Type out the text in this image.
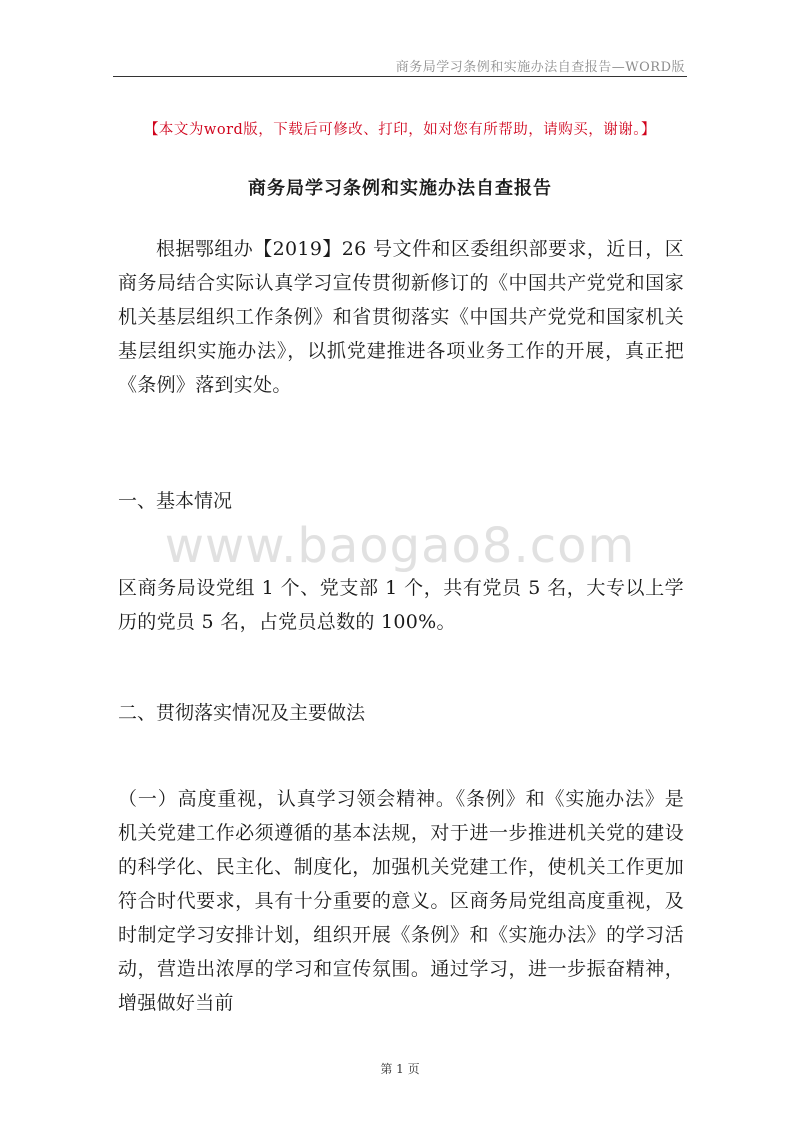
商务局学习条例和实施办法自查报告—WORD版
【本文为word版，下载后可修改、打印，如对您有所帮助，请购买，谢谢。】
商务局学习条例和实施办法自查报告

根据鄂组办【2019】26 号文件和区委组织部要求，近日，区商务局结合实际认真学习宣传贯彻新修订的《中国共产党党和国家机关基层组织工作条例》和省贯彻落实《中国共产党党和国家机关基层组织实施办法》，以抓党建推进各项业务工作的开展，真正把《条例》落到实处。

一、基本情况
www.baogao8.com

区商务局设党组 1 个、党支部 1 个，共有党员 5 名，大专以上学历的党员 5 名，占党员总数的 100%。

二、贯彻落实情况及主要做法

（一）高度重视，认真学习领会精神。《条例》和《实施办法》是机关党建工作必须遵循的基本法规，对于进一步推进机关党的建设的科学化、民主化、制度化，加强机关党建工作，使机关工作更加符合时代要求，具有十分重要的意义。区商务局党组高度重视，及时制定学习安排计划，组织开展《条例》和《实施办法》的学习活动，营造出浓厚的学习和宣传氛围。通过学习，进一步振奋精神，增强做好当前

第 1 页
